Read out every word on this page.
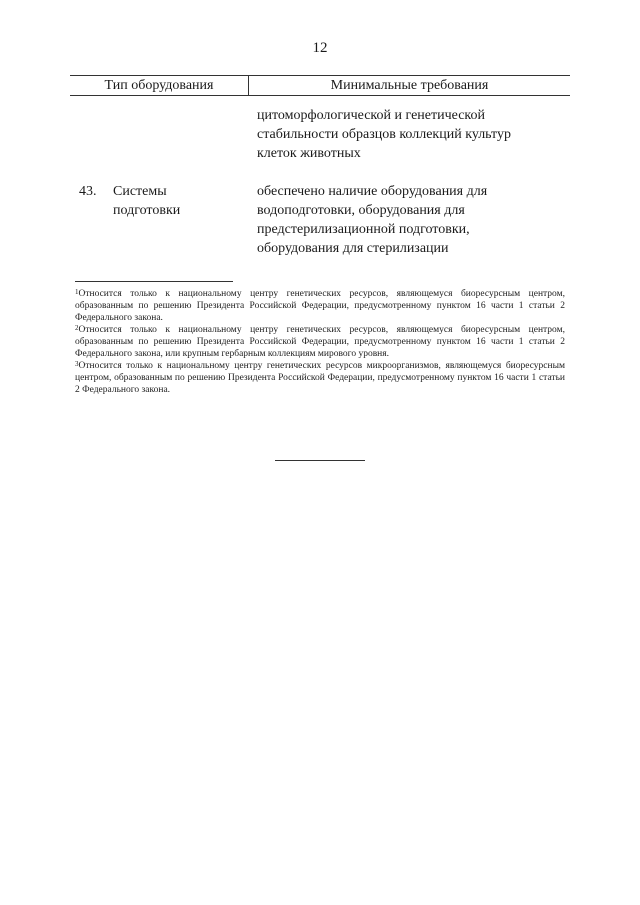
12
Тип оборудования	Минимальные требования
цитоморфологической и генетической
стабильности образцов коллекций культур
клеток животных
43. Системы
подготовки
обеспечено наличие оборудования для
водоподготовки, оборудования для
предстерилизационной подготовки,
оборудования для стерилизации

$^1$Относится только к национальному центру генетических ресурсов, являющемуся биоресурсным центром, образованным по решению Президента Российской Федерации, предусмотренному пунктом 16 части 1 статьи 2 Федерального закона.

$^2$Относится только к национальному центру генетических ресурсов, являющемуся биоресурсным центром, образованным по решению Президента Российской Федерации, предусмотренному пунктом 16 части 1 статьи 2 Федерального закона, или крупным гербарным коллекциям мирового уровня.

$^3$Относится только к национальному центру генетических ресурсов микроорганизмов, являющемуся биоресурсным центром, образованным по решению Президента Российской Федерации, предусмотренному пунктом 16 части 1 статьи 2 Федерального закона.
